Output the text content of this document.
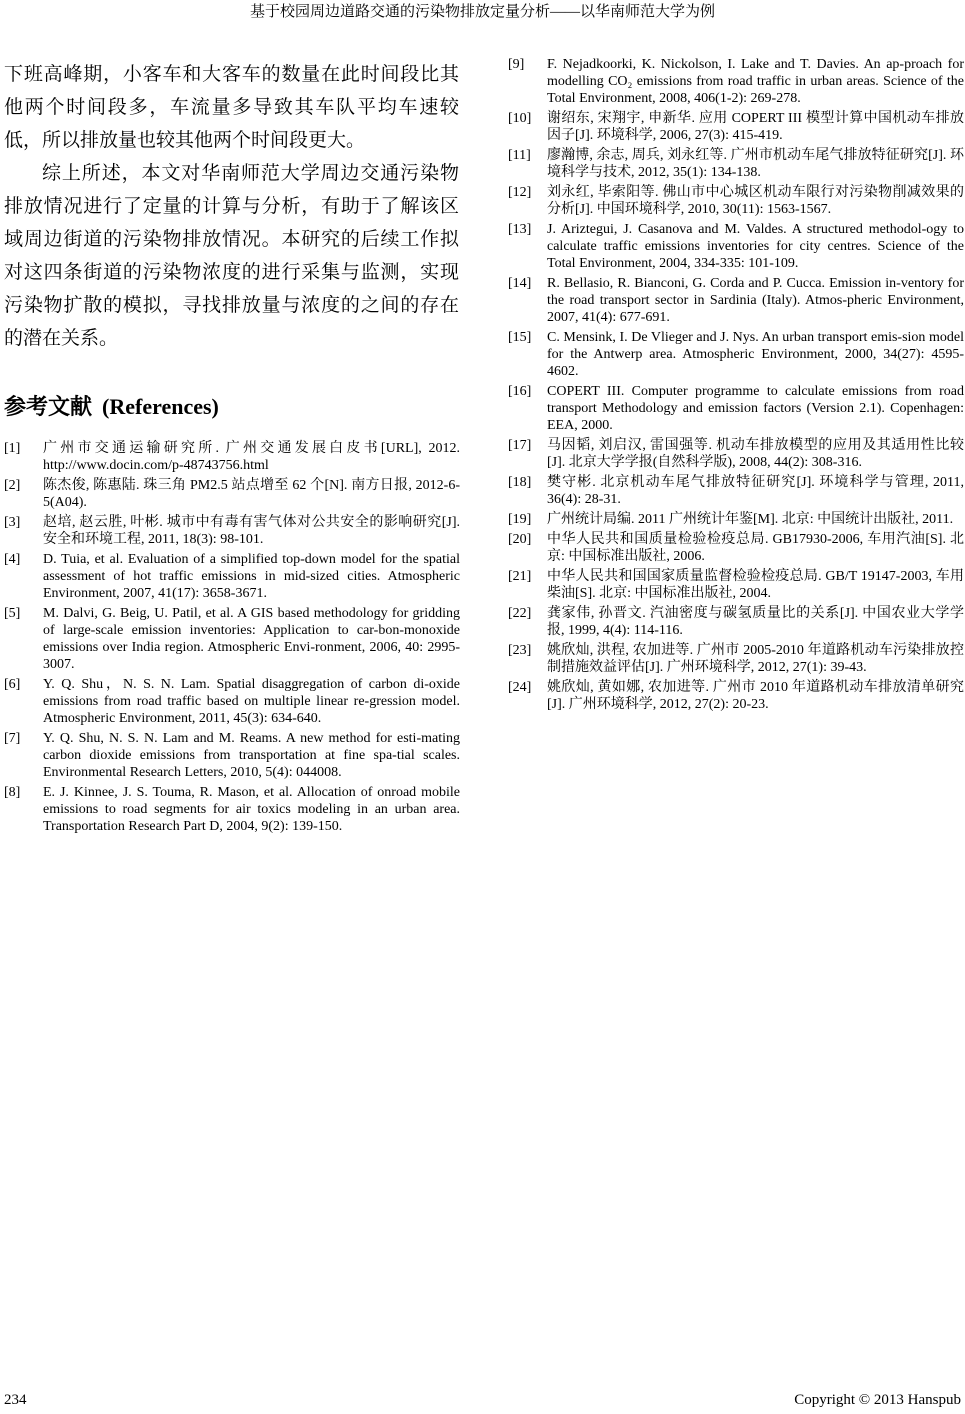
基于校园周边道路交通的污染物排放定量分析——以华南师范大学为例

下班高峰期，小客车和大客车的数量在此时间段比其他两个时间段多，车流量多导致其车队平均车速较低，所以排放量也较其他两个时间段更大。

综上所述，本文对华南师范大学周边交通污染物排放情况进行了定量的计算与分析，有助于了解该区域周边街道的污染物排放情况。本研究的后续工作拟对这四条街道的污染物浓度的进行采集与监测，实现污染物扩散的模拟，寻找排放量与浓度的之间的存在的潜在关系。

参考文献 (References)
[1]	广州市交通运输研究所. 广州交通发展白皮书[URL], 2012. http://www.docin.com/p-48743756.html
[2]	陈杰俊, 陈惠陆. 珠三角 PM2.5 站点增至 62 个[N]. 南方日报, 2012-6-5(A04).
[3]	赵培, 赵云胜, 叶彬. 城市中有毒有害气体对公共安全的影响研究[J]. 安全和环境工程, 2011, 18(3): 98-101.
[4]	D. Tuia, et al. Evaluation of a simplified top-down model for the spatial assessment of hot traffic emissions in mid-sized cities. Atmospheric Environment, 2007, 41(17): 3658-3671.
[5]	M. Dalvi, G. Beig, U. Patil, et al. A GIS based methodology for gridding of large-scale emission inventories: Application to car-bon-monoxide emissions over India region. Atmospheric Envi-ronment, 2006, 40: 2995-3007.
[6]	Y. Q. Shu，N. S. N. Lam. Spatial disaggregation of carbon di-oxide emissions from road traffic based on multiple linear re-gression model. Atmospheric Environment, 2011, 45(3): 634-640.
[7]	Y. Q. Shu, N. S. N. Lam and M. Reams. A new method for esti-mating carbon dioxide emissions from transportation at fine spa-tial scales. Environmental Research Letters, 2010, 5(4): 044008.
[8]	E. J. Kinnee, J. S. Touma, R. Mason, et al. Allocation of onroad mobile emissions to road segments for air toxics modeling in an urban area. Transportation Research Part D, 2004, 9(2): 139-150.
[9]	F. Nejadkoorki, K. Nickolson, I. Lake and T. Davies. An ap-proach for modelling CO₂ emissions from road traffic in urban areas. Science of the Total Environment, 2008, 406(1-2): 269-278.
[10]	谢绍东, 宋翔宇, 申新华. 应用 COPERT III 模型计算中国机动车排放因子[J]. 环境科学, 2006, 27(3): 415-419.
[11]	廖瀚博, 余志, 周兵, 刘永红等. 广州市机动车尾气排放特征研究[J]. 环境科学与技术, 2012, 35(1): 134-138.
[12]	刘永红, 毕索阳等. 佛山市中心城区机动车限行对污染物削减效果的分析[J]. 中国环境科学, 2010, 30(11): 1563-1567.
[13]	J. Ariztegui, J. Casanova and M. Valdes. A structured methodol-ogy to calculate traffic emissions inventories for city centres. Science of the Total Environment, 2004, 334-335: 101-109.
[14]	R. Bellasio, R. Bianconi, G. Corda and P. Cucca. Emission in-ventory for the road transport sector in Sardinia (Italy). Atmos-pheric Environment, 2007, 41(4): 677-691.
[15]	C. Mensink, I. De Vlieger and J. Nys. An urban transport emis-sion model for the Antwerp area. Atmospheric Environment, 2000, 34(27): 4595-4602.
[16]	COPERT III. Computer programme to calculate emissions from road transport Methodology and emission factors (Version 2.1). Copenhagen: EEA, 2000.
[17]	马因韬, 刘启汉, 雷国强等. 机动车排放模型的应用及其适用性比较[J]. 北京大学学报(自然科学版), 2008, 44(2): 308-316.
[18]	樊守彬. 北京机动车尾气排放特征研究[J]. 环境科学与管理, 2011, 36(4): 28-31.
[19]	广州统计局编. 2011 广州统计年鉴[M]. 北京: 中国统计出版社, 2011.
[20]	中华人民共和国质量检验检疫总局. GB17930-2006, 车用汽油[S]. 北京: 中国标准出版社, 2006.
[21]	中华人民共和国国家质量监督检验检疫总局. GB/T 19147-2003, 车用柴油[S]. 北京: 中国标准出版社, 2004.
[22]	龚家伟, 孙晋文. 汽油密度与碳氢质量比的关系[J]. 中国农业大学学报, 1999, 4(4): 114-116.
[23]	姚欣灿, 洪程, 农加进等. 广州市 2005-2010 年道路机动车污染排放控制措施效益评估[J]. 广州环境科学, 2012, 27(1): 39-43.
[24]	姚欣灿, 黄如娜, 农加进等. 广州市 2010 年道路机动车排放清单研究[J]. 广州环境科学, 2012, 27(2): 20-23.
234	Copyright © 2013 Hanspub
